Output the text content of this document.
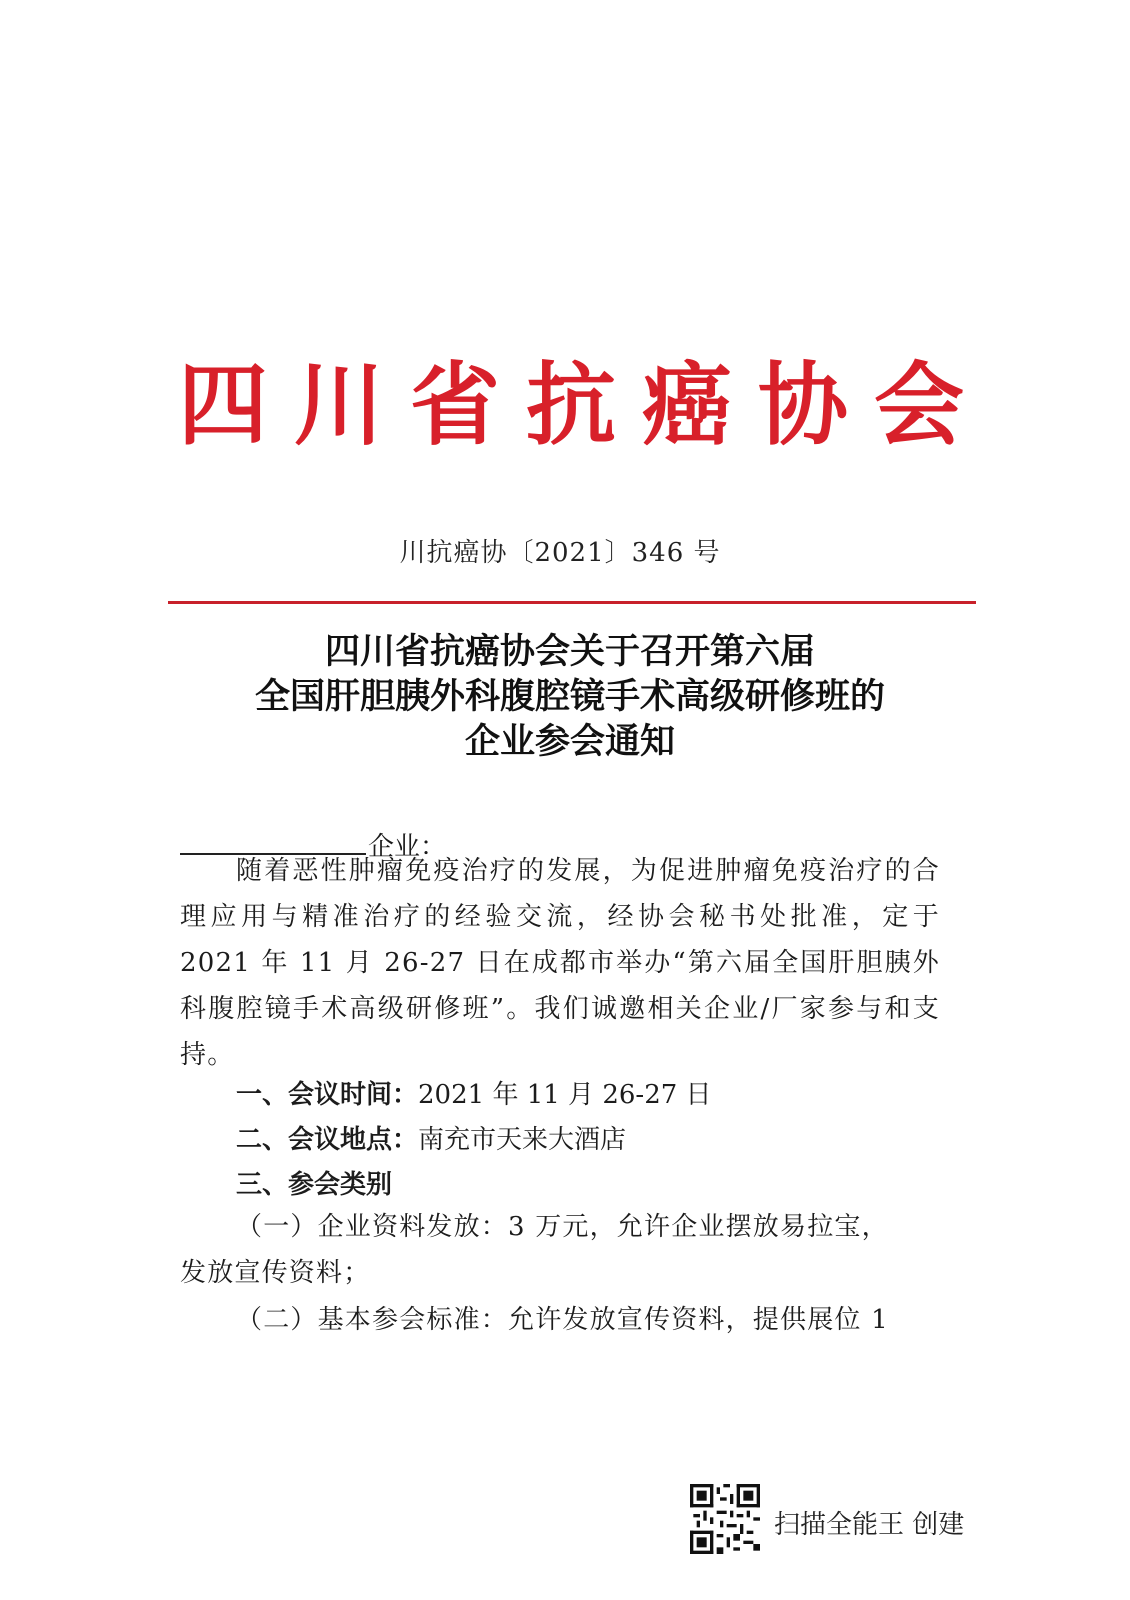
四川省抗癌协会
川抗癌协〔2021〕346 号
四川省抗癌协会关于召开第六届
全国肝胆胰外科腹腔镜手术高级研修班的
企业参会通知
企业：
随着恶性肿瘤免疫治疗的发展，为促进肿瘤免疫治疗的合理应用与精准治疗的经验交流，经协会秘书处批准，定于 2021 年 11 月 26-27 日在成都市举办“第六届全国肝胆胰外科腹腔镜手术高级研修班”。我们诚邀相关企业/厂家参与和支持。
一、会议时间：2021 年 11 月 26-27 日
二、会议地点：南充市天来大酒店
三、参会类别
（一）企业资料发放：3 万元，允许企业摆放易拉宝，
发放宣传资料；
（二）基本参会标准：允许发放宣传资料，提供展位 1
扫描全能王 创建
